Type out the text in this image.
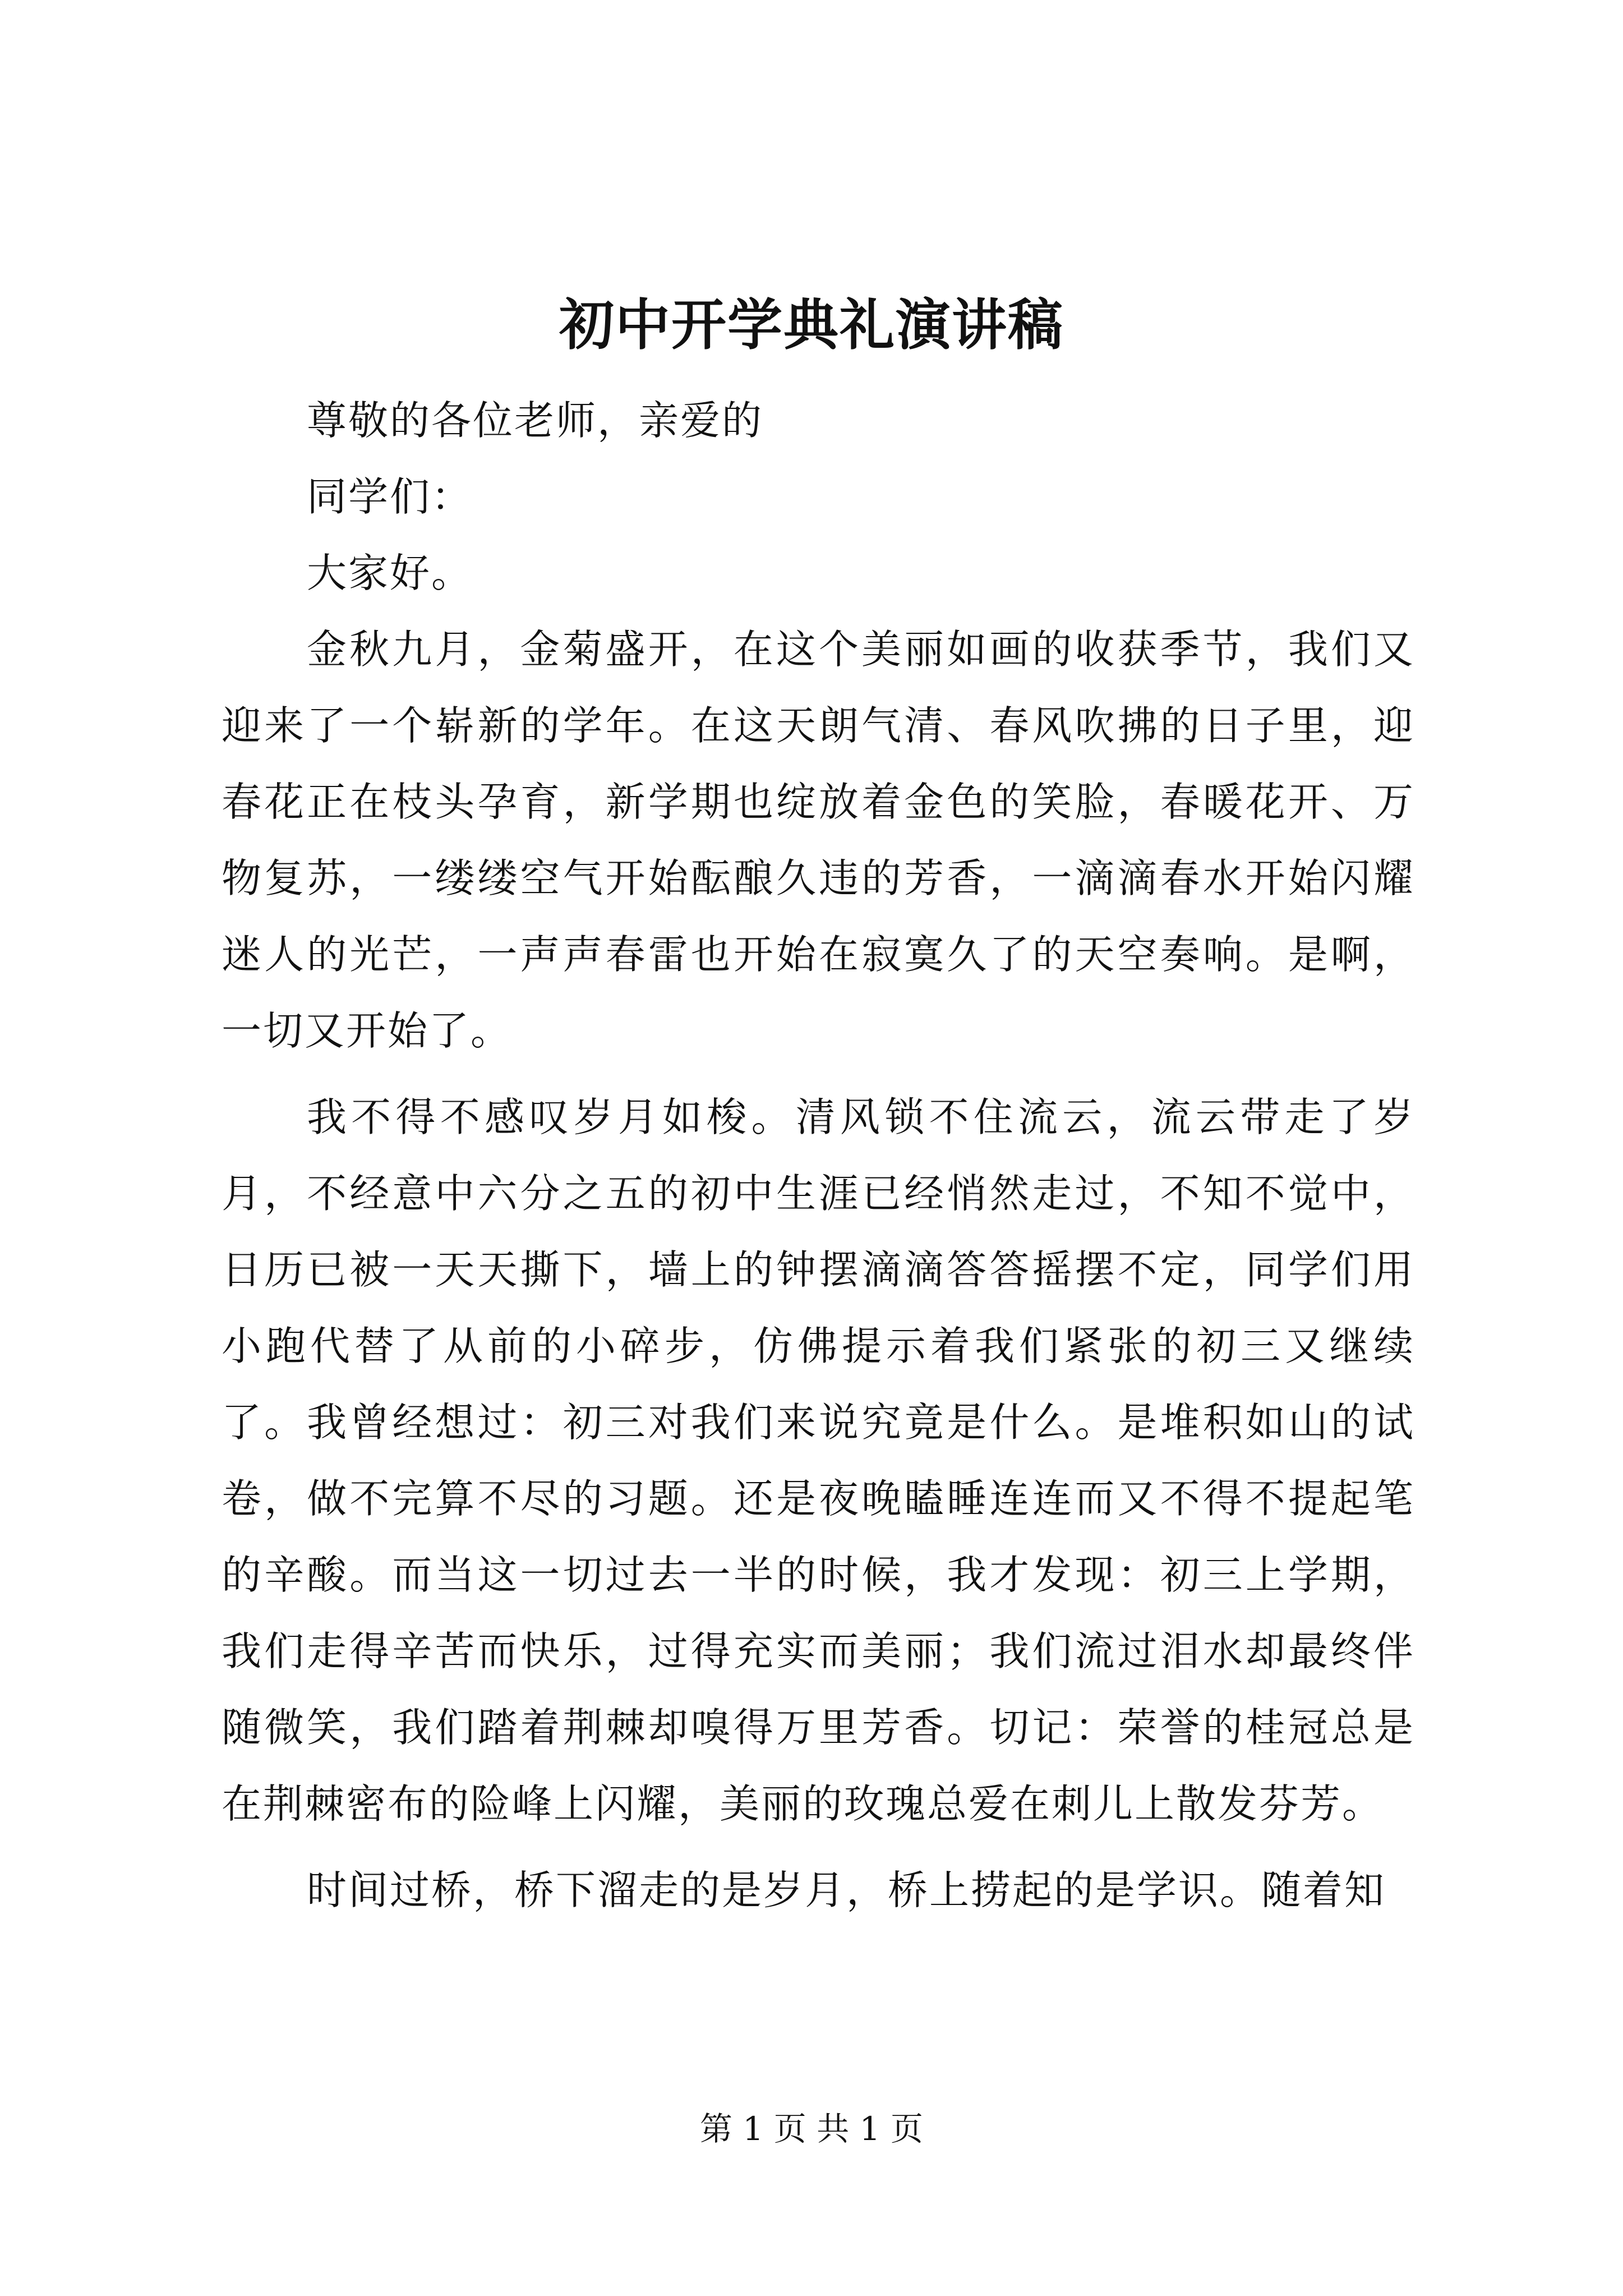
初中开学典礼演讲稿

尊敬的各位老师，亲爱的

同学们：

大家好。

金秋九月，金菊盛开，在这个美丽如画的收获季节，我们又迎来了一个崭新的学年。在这天朗气清、春风吹拂的日子里，迎春花正在枝头孕育，新学期也绽放着金色的笑脸，春暖花开、万物复苏，一缕缕空气开始酝酿久违的芳香，一滴滴春水开始闪耀迷人的光芒，一声声春雷也开始在寂寞久了的天空奏响。是啊，一切又开始了。

我不得不感叹岁月如梭。清风锁不住流云，流云带走了岁月，不经意中六分之五的初中生涯已经悄然走过，不知不觉中，日历已被一天天撕下，墙上的钟摆滴滴答答摇摆不定，同学们用小跑代替了从前的小碎步，仿佛提示着我们紧张的初三又继续了。我曾经想过：初三对我们来说究竟是什么。是堆积如山的试卷，做不完算不尽的习题。还是夜晚瞌睡连连而又不得不提起笔的辛酸。而当这一切过去一半的时候，我才发现：初三上学期，我们走得辛苦而快乐，过得充实而美丽；我们流过泪水却最终伴随微笑，我们踏着荆棘却嗅得万里芳香。切记：荣誉的桂冠总是在荆棘密布的险峰上闪耀，美丽的玫瑰总爱在刺儿上散发芬芳。

时间过桥，桥下溜走的是岁月，桥上捞起的是学识。随着知

第 1 页 共 1 页
